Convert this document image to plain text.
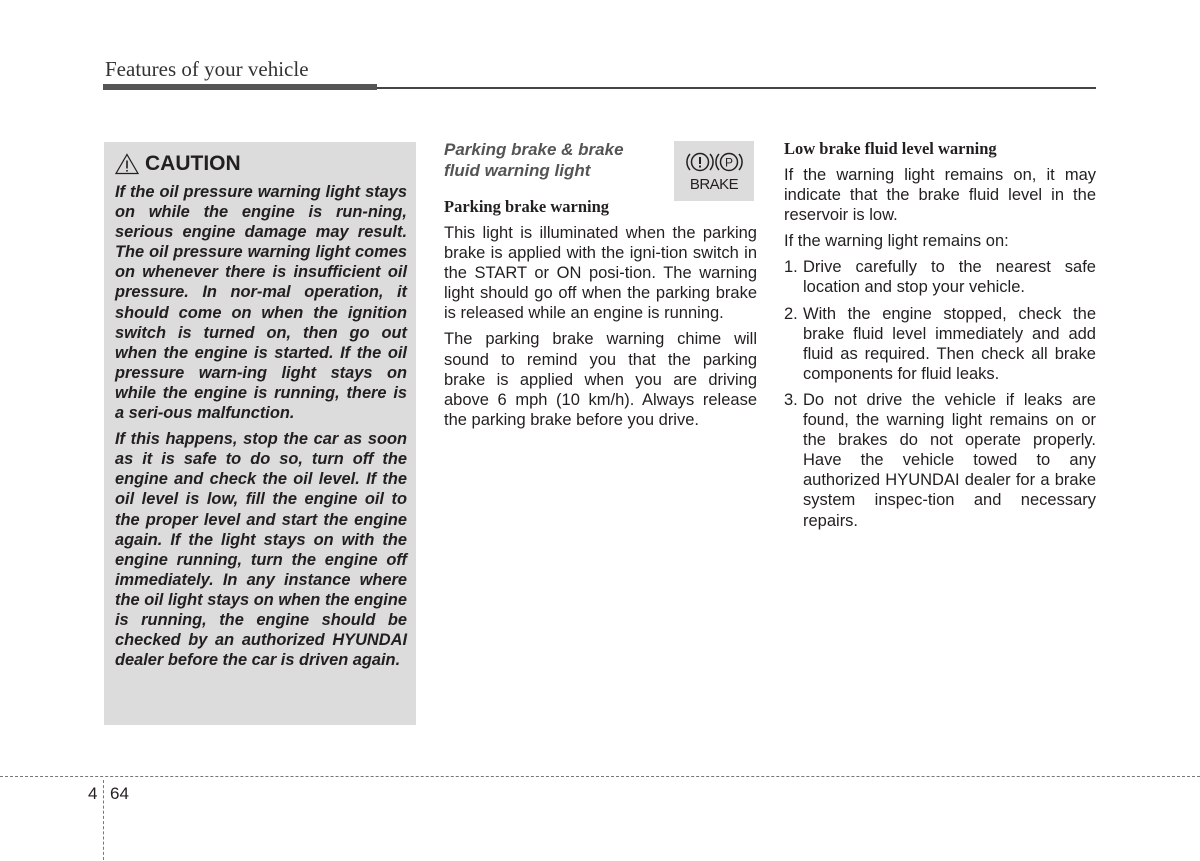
Features of your vehicle
CAUTION

If the oil pressure warning light stays on while the engine is run-ning, serious engine damage may result. The oil pressure warning light comes on whenever there is insufficient oil pressure. In nor-mal operation, it should come on when the ignition switch is turned on, then go out when the engine is started. If the oil pressure warn-ing light stays on while the engine is running, there is a seri-ous malfunction.

If this happens, stop the car as soon as it is safe to do so, turn off the engine and check the oil level. If the oil level is low, fill the engine oil to the proper level and start the engine again. If the light stays on with the engine running, turn the engine off immediately. In any instance where the oil light stays on when the engine is running, the engine should be checked by an authorized HYUNDAI dealer before the car is driven again.

Parking brake & brake fluid warning light	P
BRAKE
Parking brake warning

This light is illuminated when the parking brake is applied with the igni-tion switch in the START or ON posi-tion. The warning light should go off when the parking brake is released while an engine is running.

The parking brake warning chime will sound to remind you that the parking brake is applied when you are driving above 6 mph (10 km/h). Always release the parking brake before you drive.

Low brake fluid level warning

If the warning light remains on, it may indicate that the brake fluid level in the reservoir is low.

If the warning light remains on:

1. Drive carefully to the nearest safe location and stop your vehicle.
2. With the engine stopped, check the brake fluid level immediately and add fluid as required. Then check all brake components for fluid leaks.
3. Do not drive the vehicle if leaks are found, the warning light remains on or the brakes do not operate properly. Have the vehicle towed to any authorized HYUNDAI dealer for a brake system inspec-tion and necessary repairs.
4 64
